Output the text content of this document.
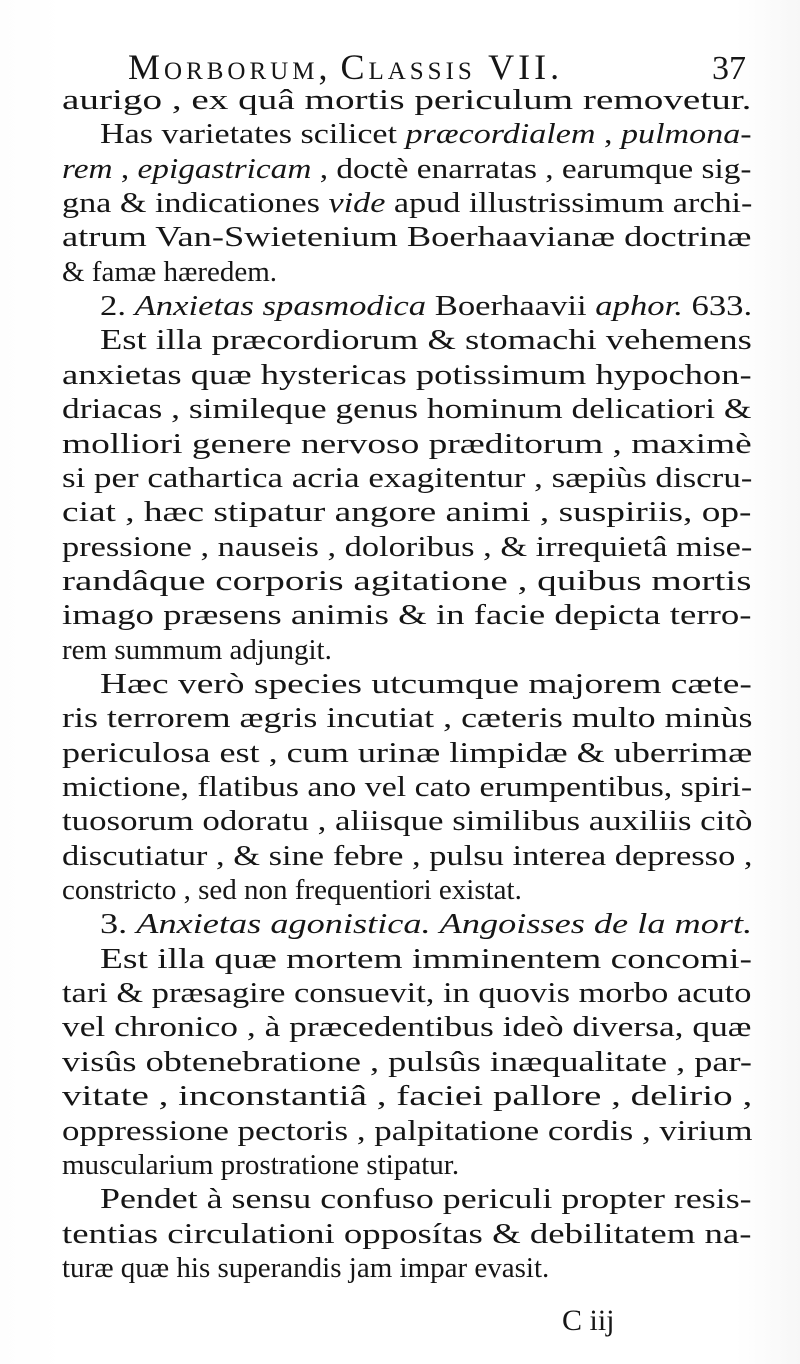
Morborum, Classis VII.	37
aurigo , ex quâ mortis periculum removetur.
Has varietates scilicet præcordialem , pulmona-
rem , epigastricam , doctè enarratas , earumque sig-
gna & indicationes vide apud illustrissimum archi-
atrum Van-Swietenium Boerhaavianæ doctrinæ
& famæ hæredem.
2. Anxietas spasmodica Boerhaavii aphor. 633.
Est illa præcordiorum & stomachi vehemens
anxietas quæ hystericas potissimum hypochon-
driacas , simileque genus hominum delicatiori &
molliori genere nervoso præditorum , maximè
si per cathartica acria exagitentur , sæpiùs discru-
ciat , hæc stipatur angore animi , suspiriis, op-
pressione , nauseis , doloribus , & irrequietâ mise-
randâque corporis agitatione , quibus mortis
imago præsens animis & in facie depicta terro-
rem summum adjungit.
Hæc verò species utcumque majorem cæte-
ris terrorem ægris incutiat , cæteris multo minùs
periculosa est , cum urinæ limpidæ & uberrimæ
mictione, flatibus ano vel cato erumpentibus, spiri-
tuosorum odoratu , aliisque similibus auxiliis citò
discutiatur , & sine febre , pulsu interea depresso ,
constricto , sed non frequentiori existat.
3. Anxietas agonistica. Angoisses de la mort.
Est illa quæ mortem imminentem concomi-
tari & præsagire consuevit, in quovis morbo acuto
vel chronico , à præcedentibus ideò diversa, quæ
visûs obtenebratione , pulsûs inæqualitate , par-
vitate , inconstantiâ , faciei pallore , delirio ,
oppressione pectoris , palpitatione cordis , virium
muscularium prostratione stipatur.
Pendet à sensu confuso periculi propter resis-
tentias circulationi opposítas & debilitatem na-
turæ quæ his superandis jam impar evasit.
C iij
